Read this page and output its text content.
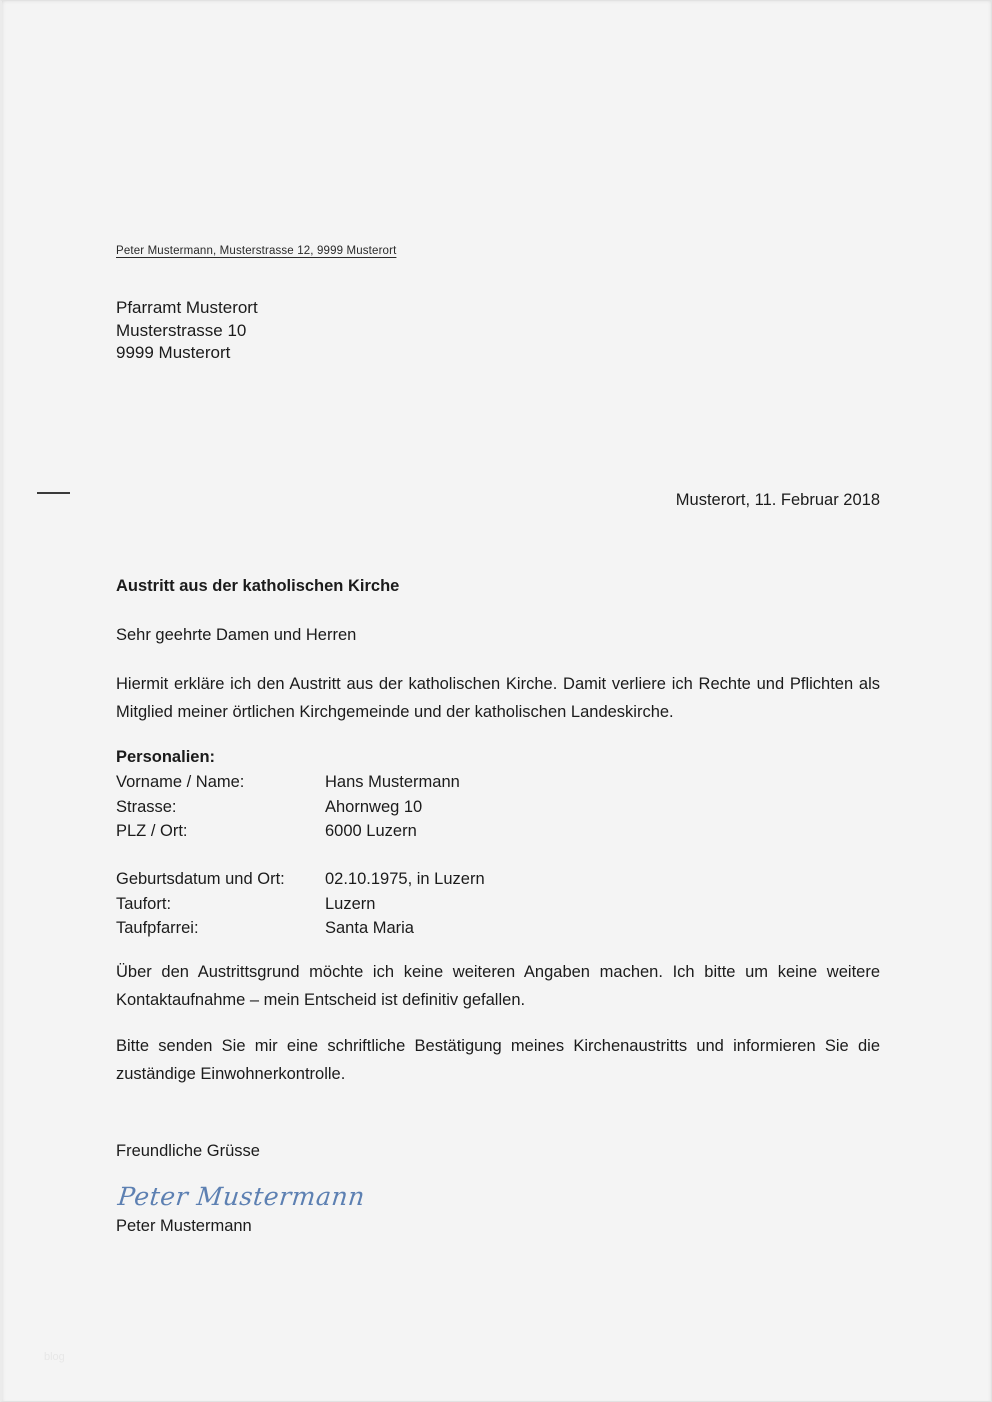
Peter Mustermann, Musterstrasse 12, 9999 Musterort
Pfarramt Musterort
Musterstrasse 10
9999 Musterort
Musterort, 11. Februar 2018
Austritt aus der katholischen Kirche
Sehr geehrte Damen und Herren
Hiermit erkläre ich den Austritt aus der katholischen Kirche. Damit verliere ich Rechte und Pflichten als Mitglied meiner örtlichen Kirchgemeinde und der katholischen Landeskirche.
Personalien:
Vorname / Name:	Hans Mustermann
Strasse:	Ahornweg 10
PLZ / Ort:	6000 Luzern
Geburtsdatum und Ort:	02.10.1975, in Luzern
Taufort:	Luzern
Taufpfarrei:	Santa Maria
Über den Austrittsgrund möchte ich keine weiteren Angaben machen. Ich bitte um keine weitere Kontaktaufnahme – mein Entscheid ist definitiv gefallen.
Bitte senden Sie mir eine schriftliche Bestätigung meines Kirchenaustritts und informieren Sie die zuständige Einwohnerkontrolle.
Freundliche Grüsse
Peter Mustermann
Peter Mustermann
blog
